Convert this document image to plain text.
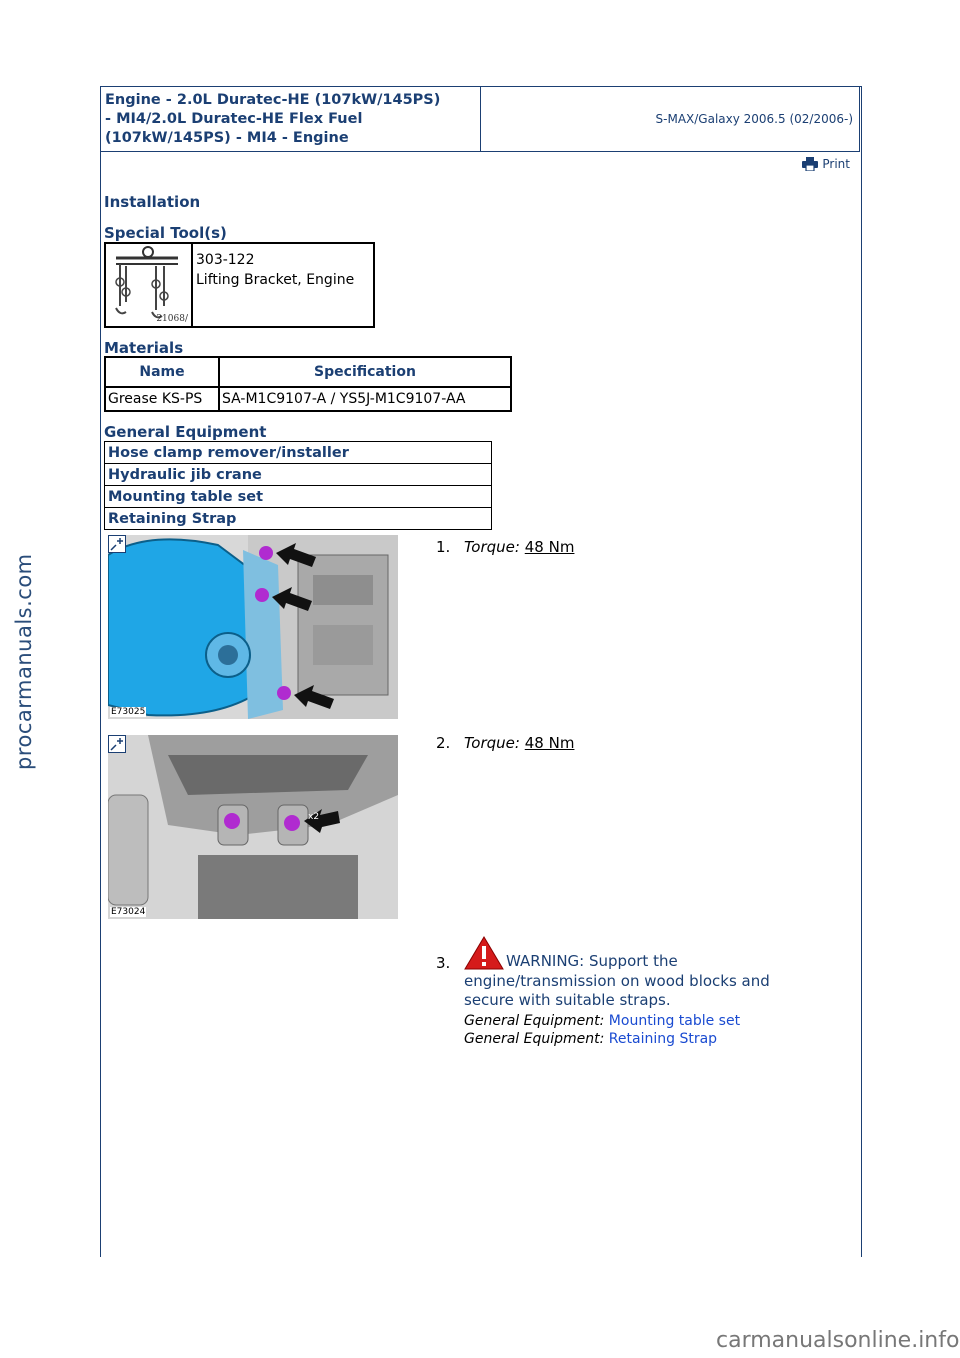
Engine - 2.0L Duratec-HE (107kW/145PS)
- MI4/2.0L Duratec-HE Flex Fuel
(107kW/145PS) - MI4 - Engine
S-MAX/Galaxy 2006.5 (02/2006-)
Print
Installation
Special Tool(s)
21068/
303-122
Lifting Bracket, Engine
Materials
Name	Specification
Grease KS-PS	SA-M1C9107-A / YS5J-M1C9107-AA
General Equipment
Hose clamp remover/installer
Hydraulic jib crane
Mounting table set
Retaining Strap
E73025
1. Torque: 48 Nm
x2
E73024
2. Torque: 48 Nm
3.	WARNING: Support the engine/transmission on wood blocks and secure with suitable straps.
General Equipment: Mounting table set
General Equipment: Retaining Strap
procarmanuals.com
carmanualsonline.info
